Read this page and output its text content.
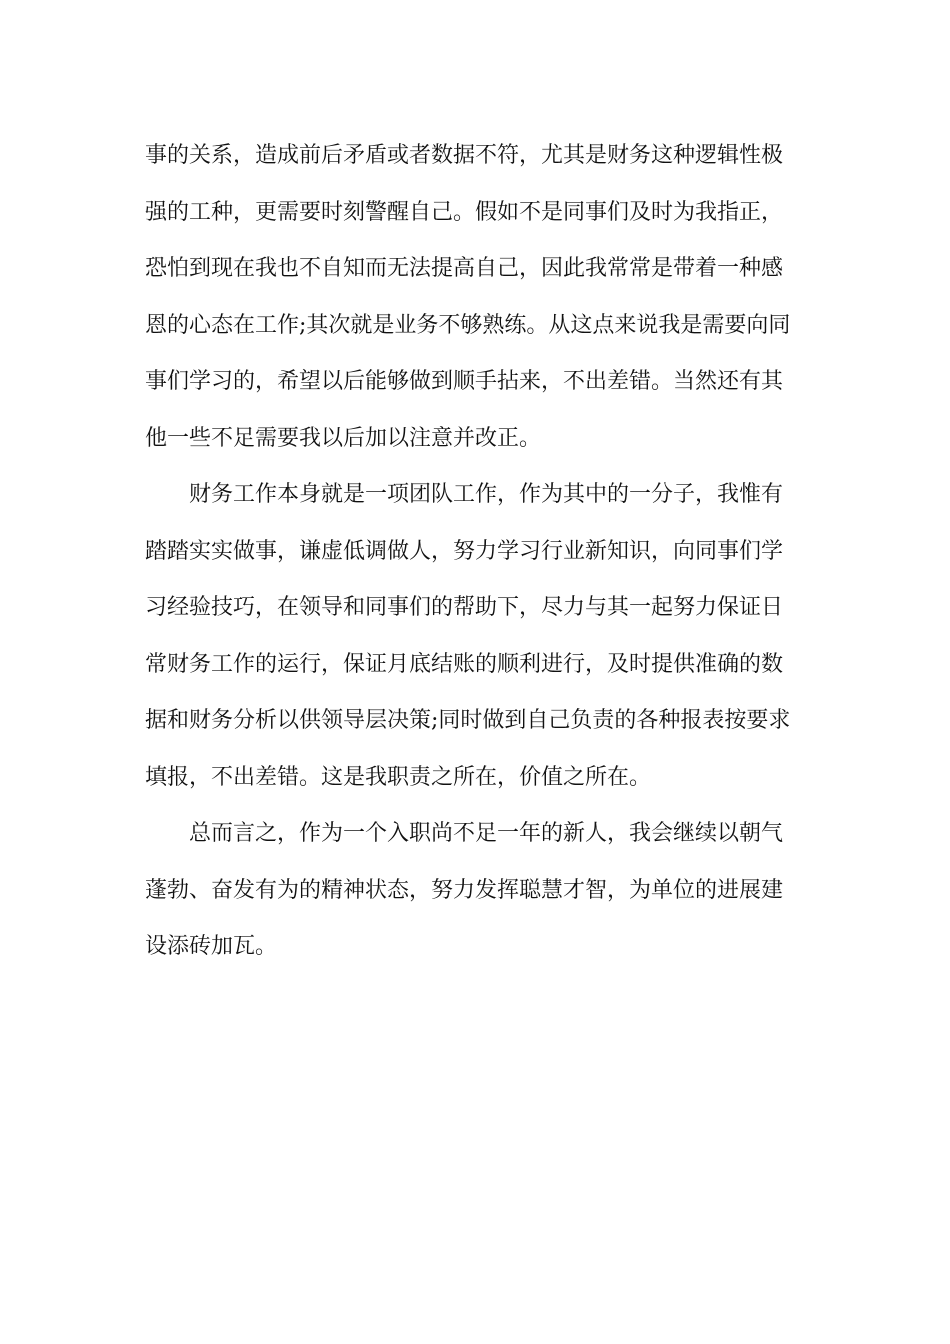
事的关系，造成前后矛盾或者数据不符，尤其是财务这种逻辑性极
强的工种，更需要时刻警醒自己。假如不是同事们及时为我指正，
恐怕到现在我也不自知而无法提高自己，因此我常常是带着一种感
恩的心态在工作;其次就是业务不够熟练。从这点来说我是需要向同
事们学习的，希望以后能够做到顺手拈来，不出差错。当然还有其
他一些不足需要我以后加以注意并改正。
财务工作本身就是一项团队工作，作为其中的一分子，我惟有
踏踏实实做事，谦虚低调做人，努力学习行业新知识，向同事们学
习经验技巧，在领导和同事们的帮助下，尽力与其一起努力保证日
常财务工作的运行，保证月底结账的顺利进行，及时提供准确的数
据和财务分析以供领导层决策;同时做到自己负责的各种报表按要求
填报，不出差错。这是我职责之所在，价值之所在。
总而言之，作为一个入职尚不足一年的新人，我会继续以朝气
蓬勃、奋发有为的精神状态，努力发挥聪慧才智，为单位的进展建
设添砖加瓦。
